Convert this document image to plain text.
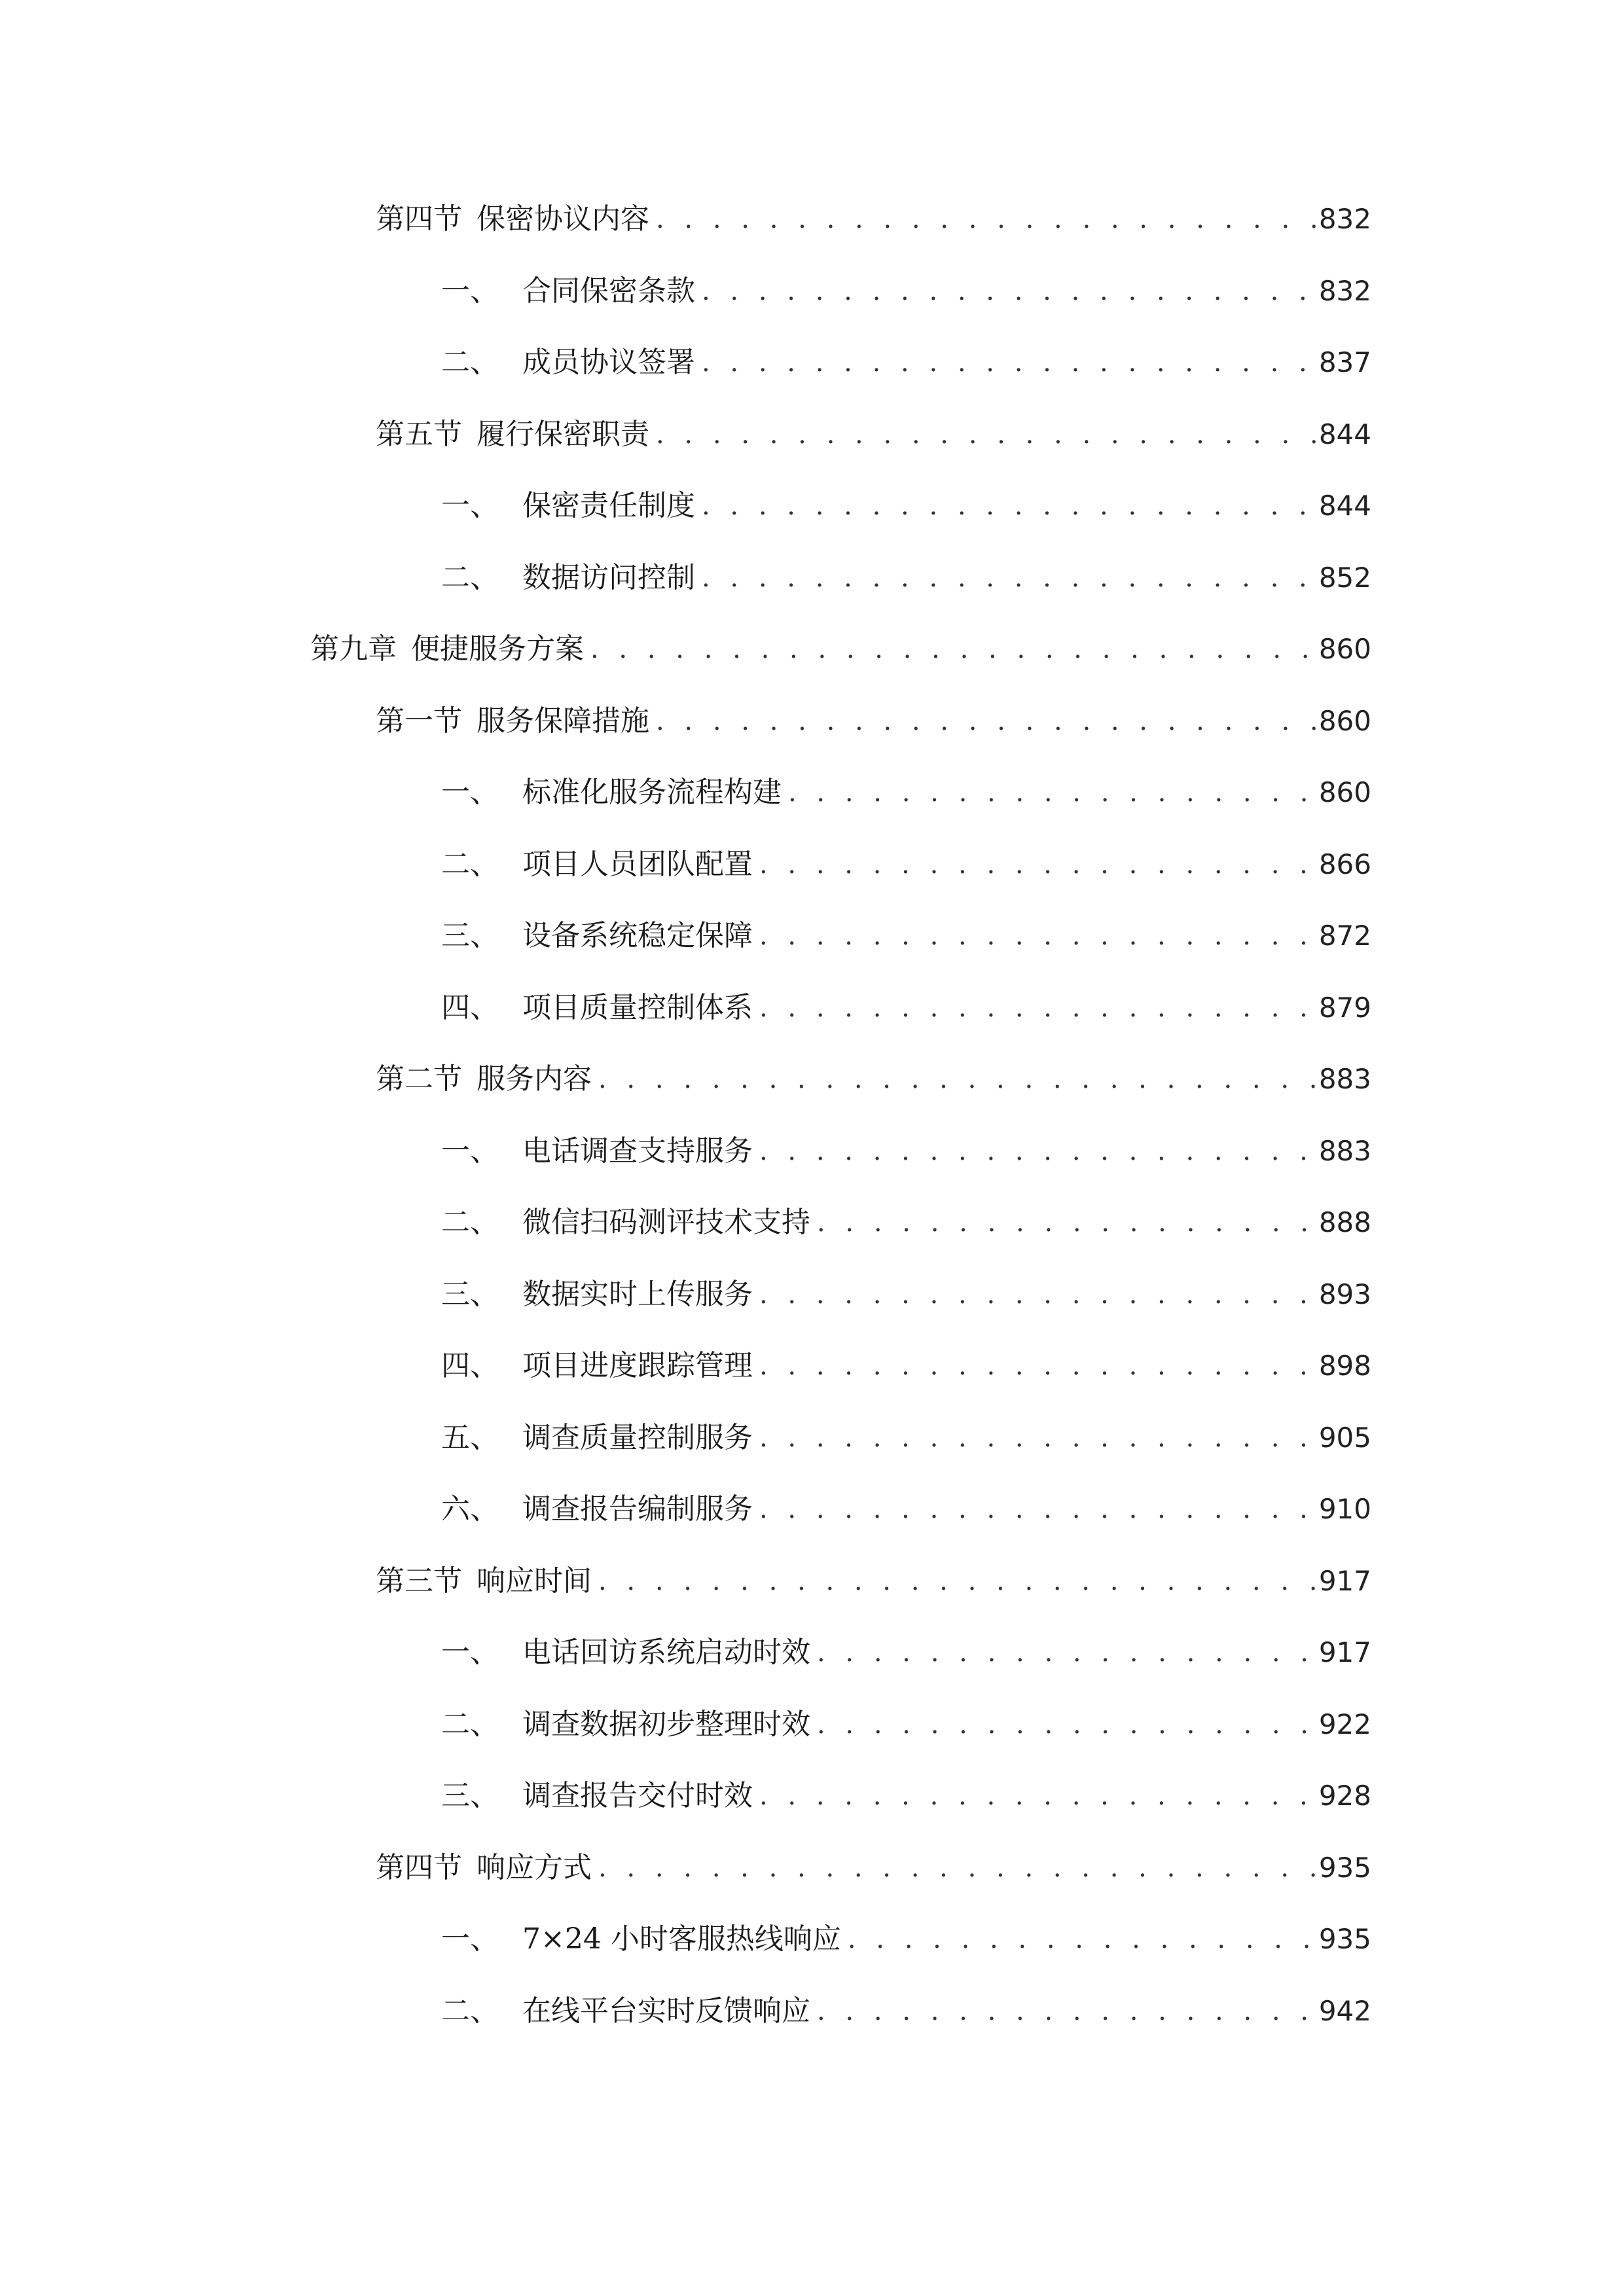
第四节 保密协议内容 . . .	832
一、 合同保密条款 . . .	832
二、 成员协议签署 . . .	837
第五节 履行保密职责 . . .	844
一、 保密责任制度 . . .	844
二、 数据访问控制 . . .	852
第九章 便捷服务方案 . . .	860
第一节 服务保障措施 . . .	860
一、 标准化服务流程构建 . . .	860
二、 项目人员团队配置 . . .	866
三、 设备系统稳定保障 . . .	872
四、 项目质量控制体系 . . .	879
第二节 服务内容 . . .	883
一、 电话调查支持服务 . . .	883
二、 微信扫码测评技术支持 . . .	888
三、 数据实时上传服务 . . .	893
四、 项目进度跟踪管理 . . .	898
五、 调查质量控制服务 . . .	905
六、 调查报告编制服务 . . .	910
第三节 响应时间 . . .	917
一、 电话回访系统启动时效 . . .	917
二、 调查数据初步整理时效 . . .	922
三、 调查报告交付时效 . . .	928
第四节 响应方式 . . .	935
一、 7×24 小时客服热线响应 . . .	935
二、 在线平台实时反馈响应 . . .	942
